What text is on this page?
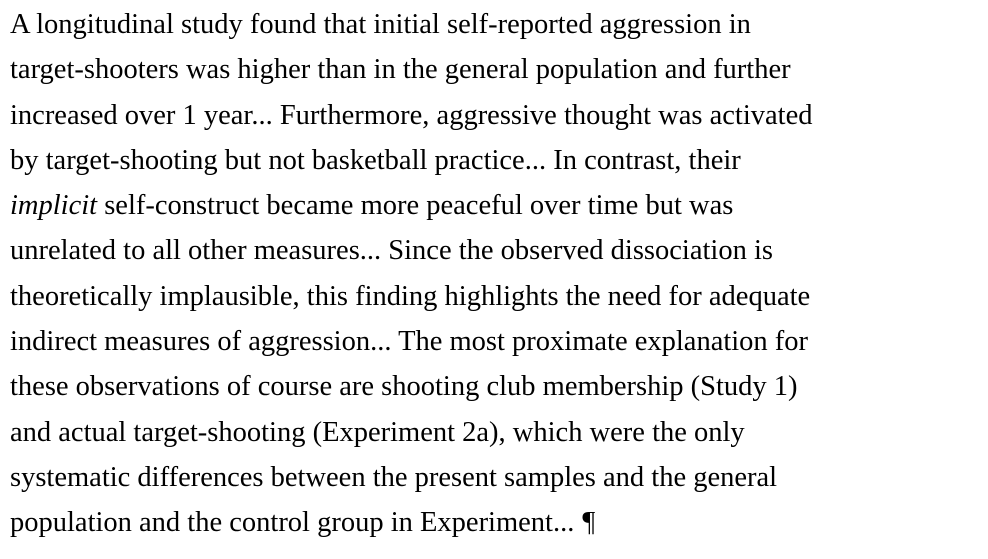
A longitudinal study found that initial self-reported aggression in
target-shooters was higher than in the general population and further
increased over 1 year... Furthermore, aggressive thought was activated
by target-shooting but not basketball practice... In contrast, their
implicit self-construct became more peaceful over time but was
unrelated to all other measures... Since the observed dissociation is
theoretically implausible, this finding highlights the need for adequate
indirect measures of aggression... The most proximate explanation for
these observations of course are shooting club membership (Study 1)
and actual target-shooting (Experiment 2a), which were the only
systematic differences between the present samples and the general
population and the control group in Experiment... ¶
